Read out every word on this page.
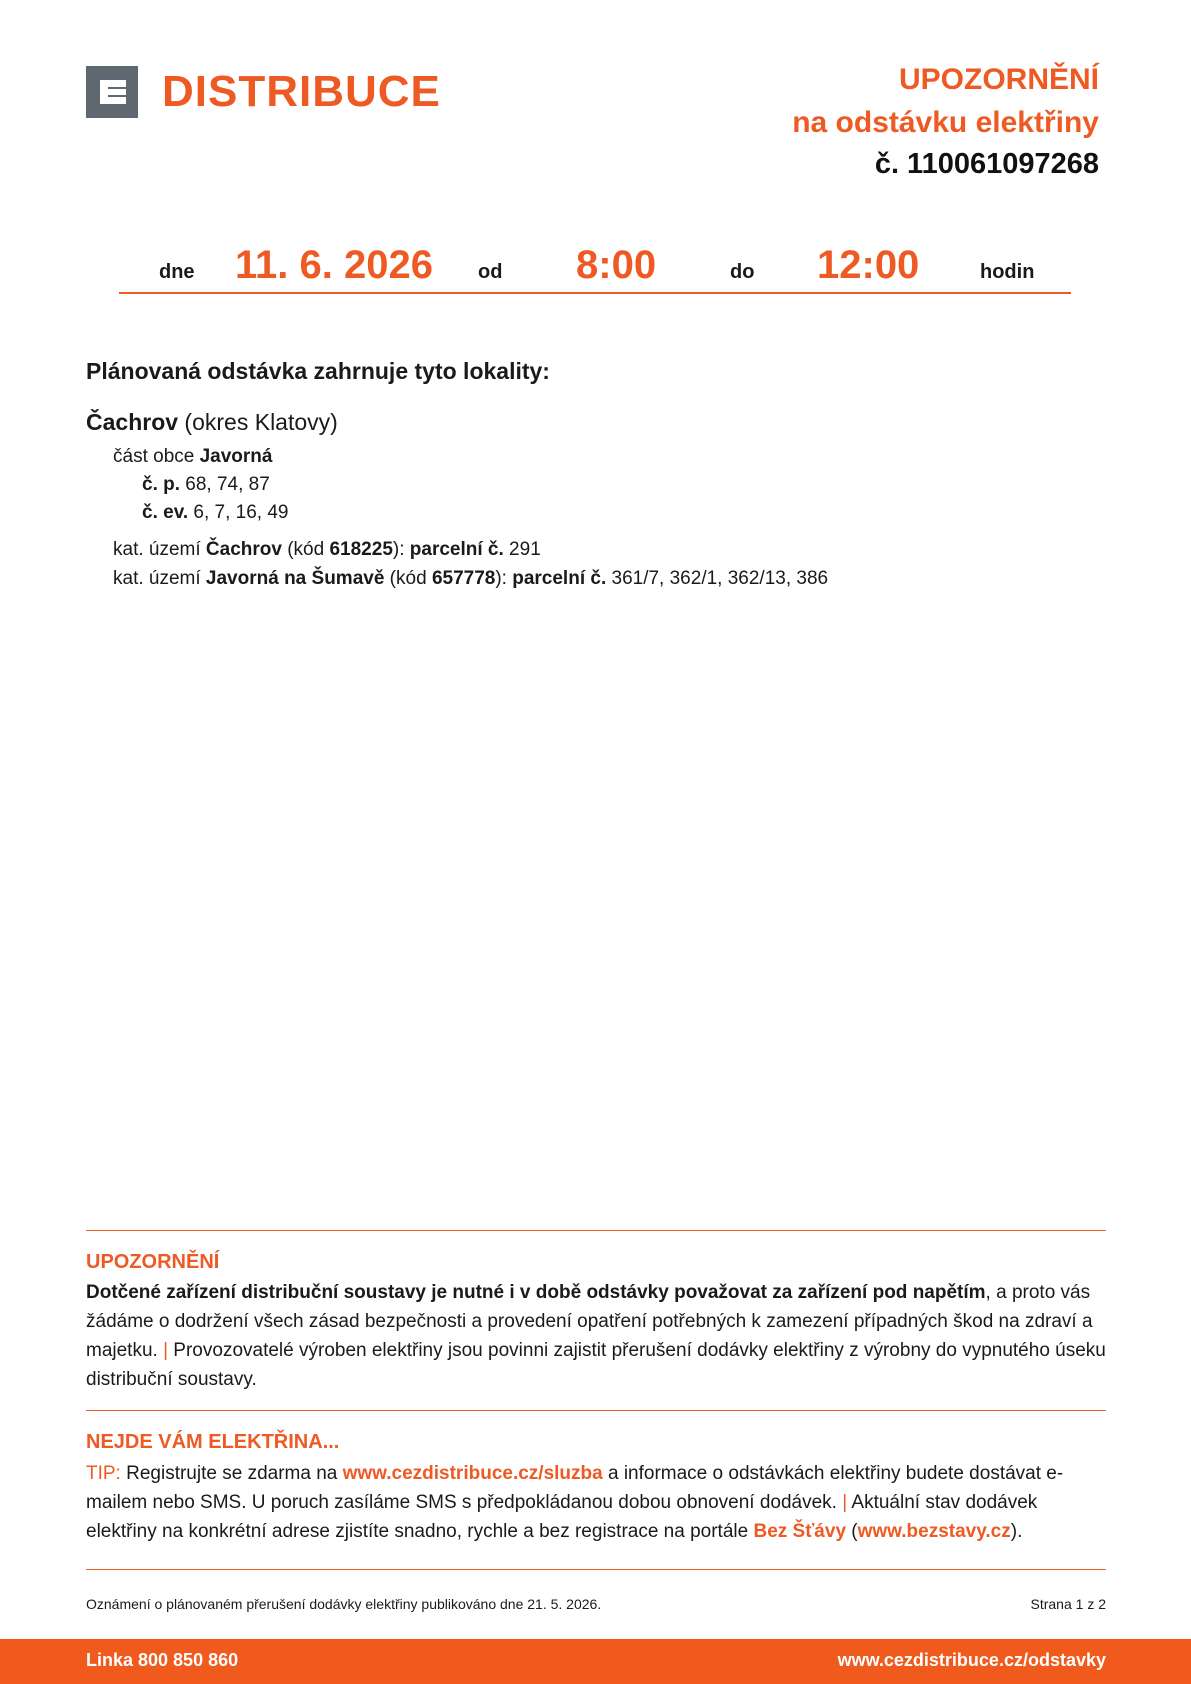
DISTRIBUCE	UPOZORNĚNÍ
na odstávku elektřiny
č. 110061097268
dne 11. 6. 2026 od 8:00	do 12:00	hodin
Plánovaná odstávka zahrnuje tyto lokality:
Čachrov (okres Klatovy)
část obce Javorná
č. p. 68, 74, 87
č. ev. 6, 7, 16, 49
kat. území Čachrov (kód 618225): parcelní č. 291
kat. území Javorná na Šumavě (kód 657778): parcelní č. 361/7, 362/1, 362/13, 386
UPOZORNĚNÍ
Dotčené zařízení distribuční soustavy je nutné i v době odstávky považovat za zařízení pod napětím, a proto vás žádáme o dodržení všech zásad bezpečnosti a provedení opatření potřebných k zamezení případných škod na zdraví a majetku. | Provozovatelé výroben elektřiny jsou povinni zajistit přerušení dodávky elektřiny z výrobny do vypnutého úseku distribuční soustavy.
NEJDE VÁM ELEKTŘINA...
TIP: Registrujte se zdarma na www.cezdistribuce.cz/sluzba a informace o odstávkách elektřiny budete dostávat e-mailem nebo SMS. U poruch zasíláme SMS s předpokládanou dobou obnovení dodávek. | Aktuální stav dodávek elektřiny na konkrétní adrese zjistíte snadno, rychle a bez registrace na portále Bez Šťávy (www.bezstavy.cz).
Oznámení o plánovaném přerušení dodávky elektřiny publikováno dne 21. 5. 2026.	Strana 1 z 2
Linka 800 850 860	www.cezdistribuce.cz/odstavky
